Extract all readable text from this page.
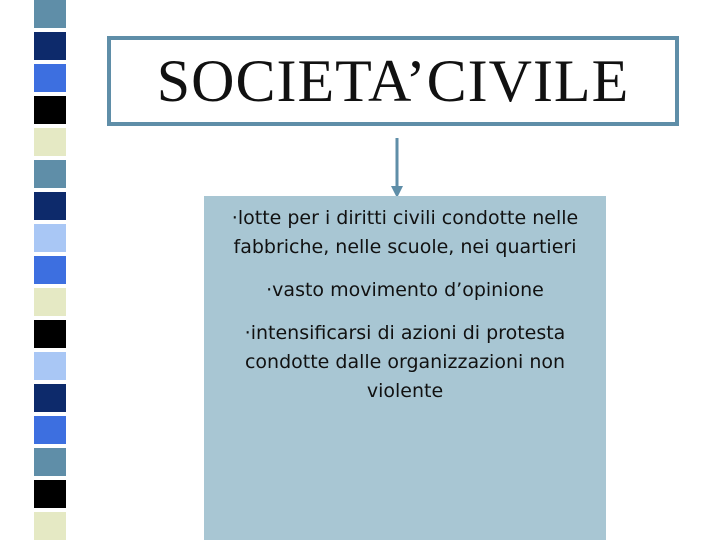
SOCIETA’CIVILE
·lotte per i diritti civili condotte nelle fabbriche, nelle scuole, nei quartieri
·vasto movimento d’opinione
·intensificarsi di azioni di protesta condotte dalle organizzazioni non violente
